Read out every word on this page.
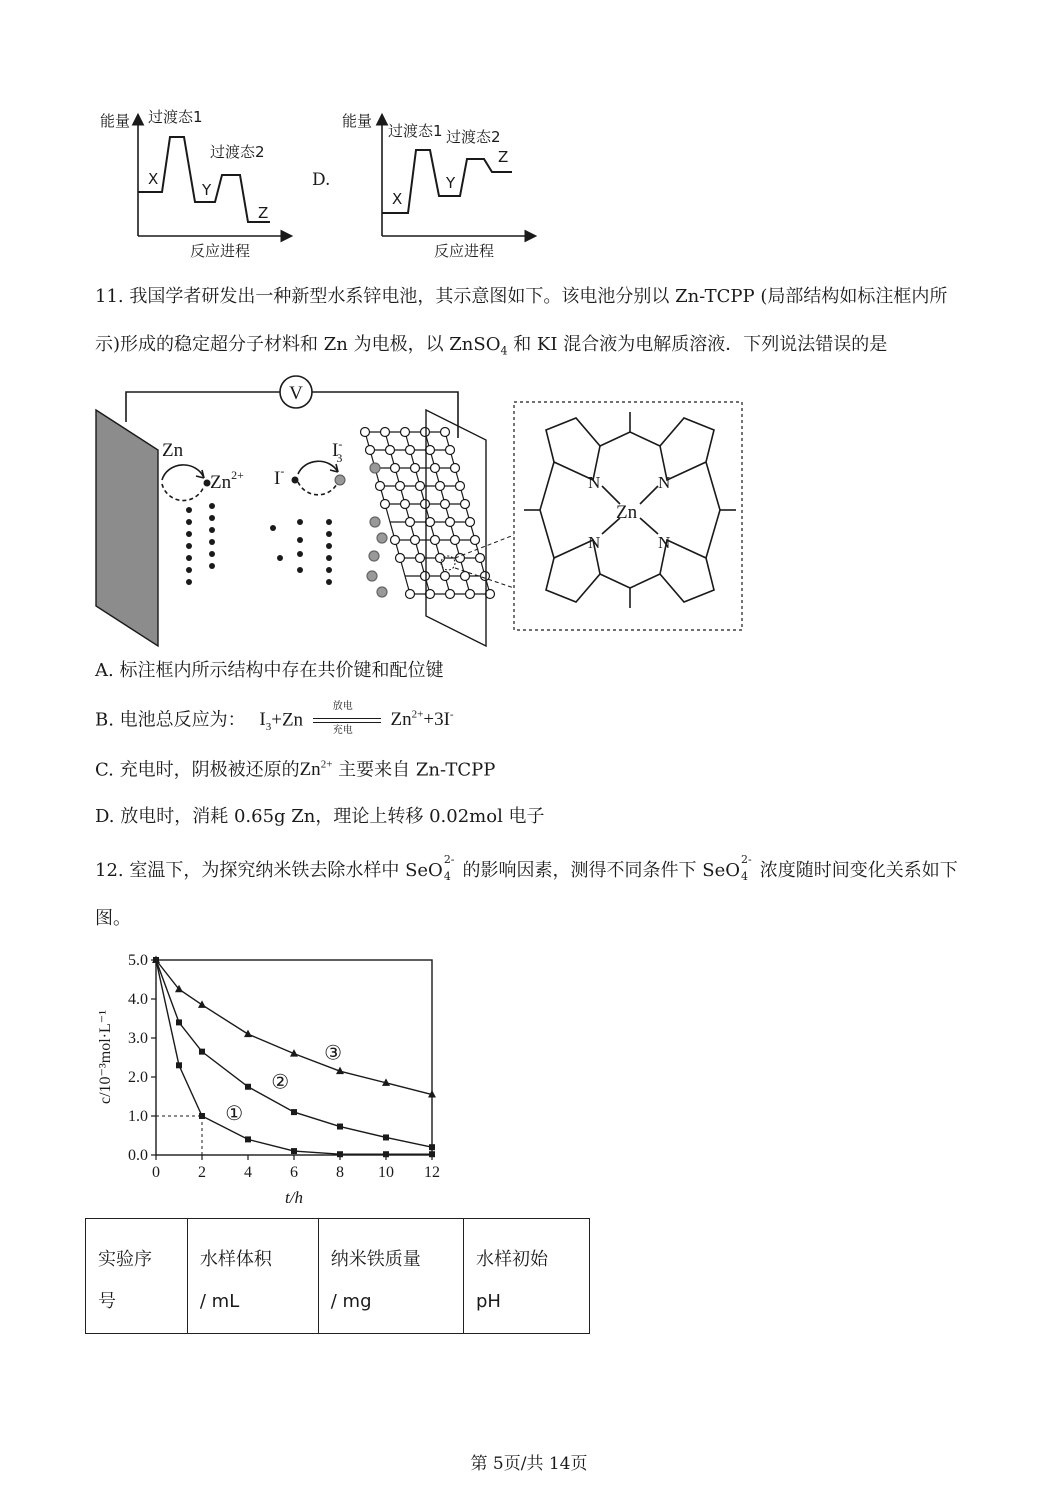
能量 过渡态1
过渡态2
X
Y
Z
反应进程
D.
能量
过渡态1 过渡态2
X
Y
Z
反应进程
11. 我国学者研发出一种新型水系锌电池，其示意图如下。该电池分别以 Zn-TCPP (局部结构如标注框内所
示)形成的稳定超分子材料和 Zn 为电极，以 ZnSO$_4$ 和 KI 混合液为电解质溶液．下列说法错误的是
V
Zn
$Zn^{2+}$ I-
I-3
N	N
N	N
Zn
A. 标注框内所示结构中存在共价键和配位键
B. 电池总反应为： $I_3+Zn$
放电
充电
$Zn^{2+}+3I^-$
C. 充电时，阴极被还原的$Zn^{2+}$ 主要来自 Zn-TCPP
D. 放电时，消耗 0.65g Zn，理论上转移 0.02mol 电子
12. 室温下，为探究纳米铁去除水样中 SeO
2-
4 的影响因素，测得不同条件下 SeO
2-
4 浓度随时间变化关系如下
图。
0 2 4 6 8 10 12
0.0
1.0
2.0
3.0
4.0
5.0
①
②
③
t/h
c/10⁻³mol·L⁻¹
实验序
号

水样体积
/ mL

纳米铁质量
/ mg

水样初始
pH
第 5页/共 14页
